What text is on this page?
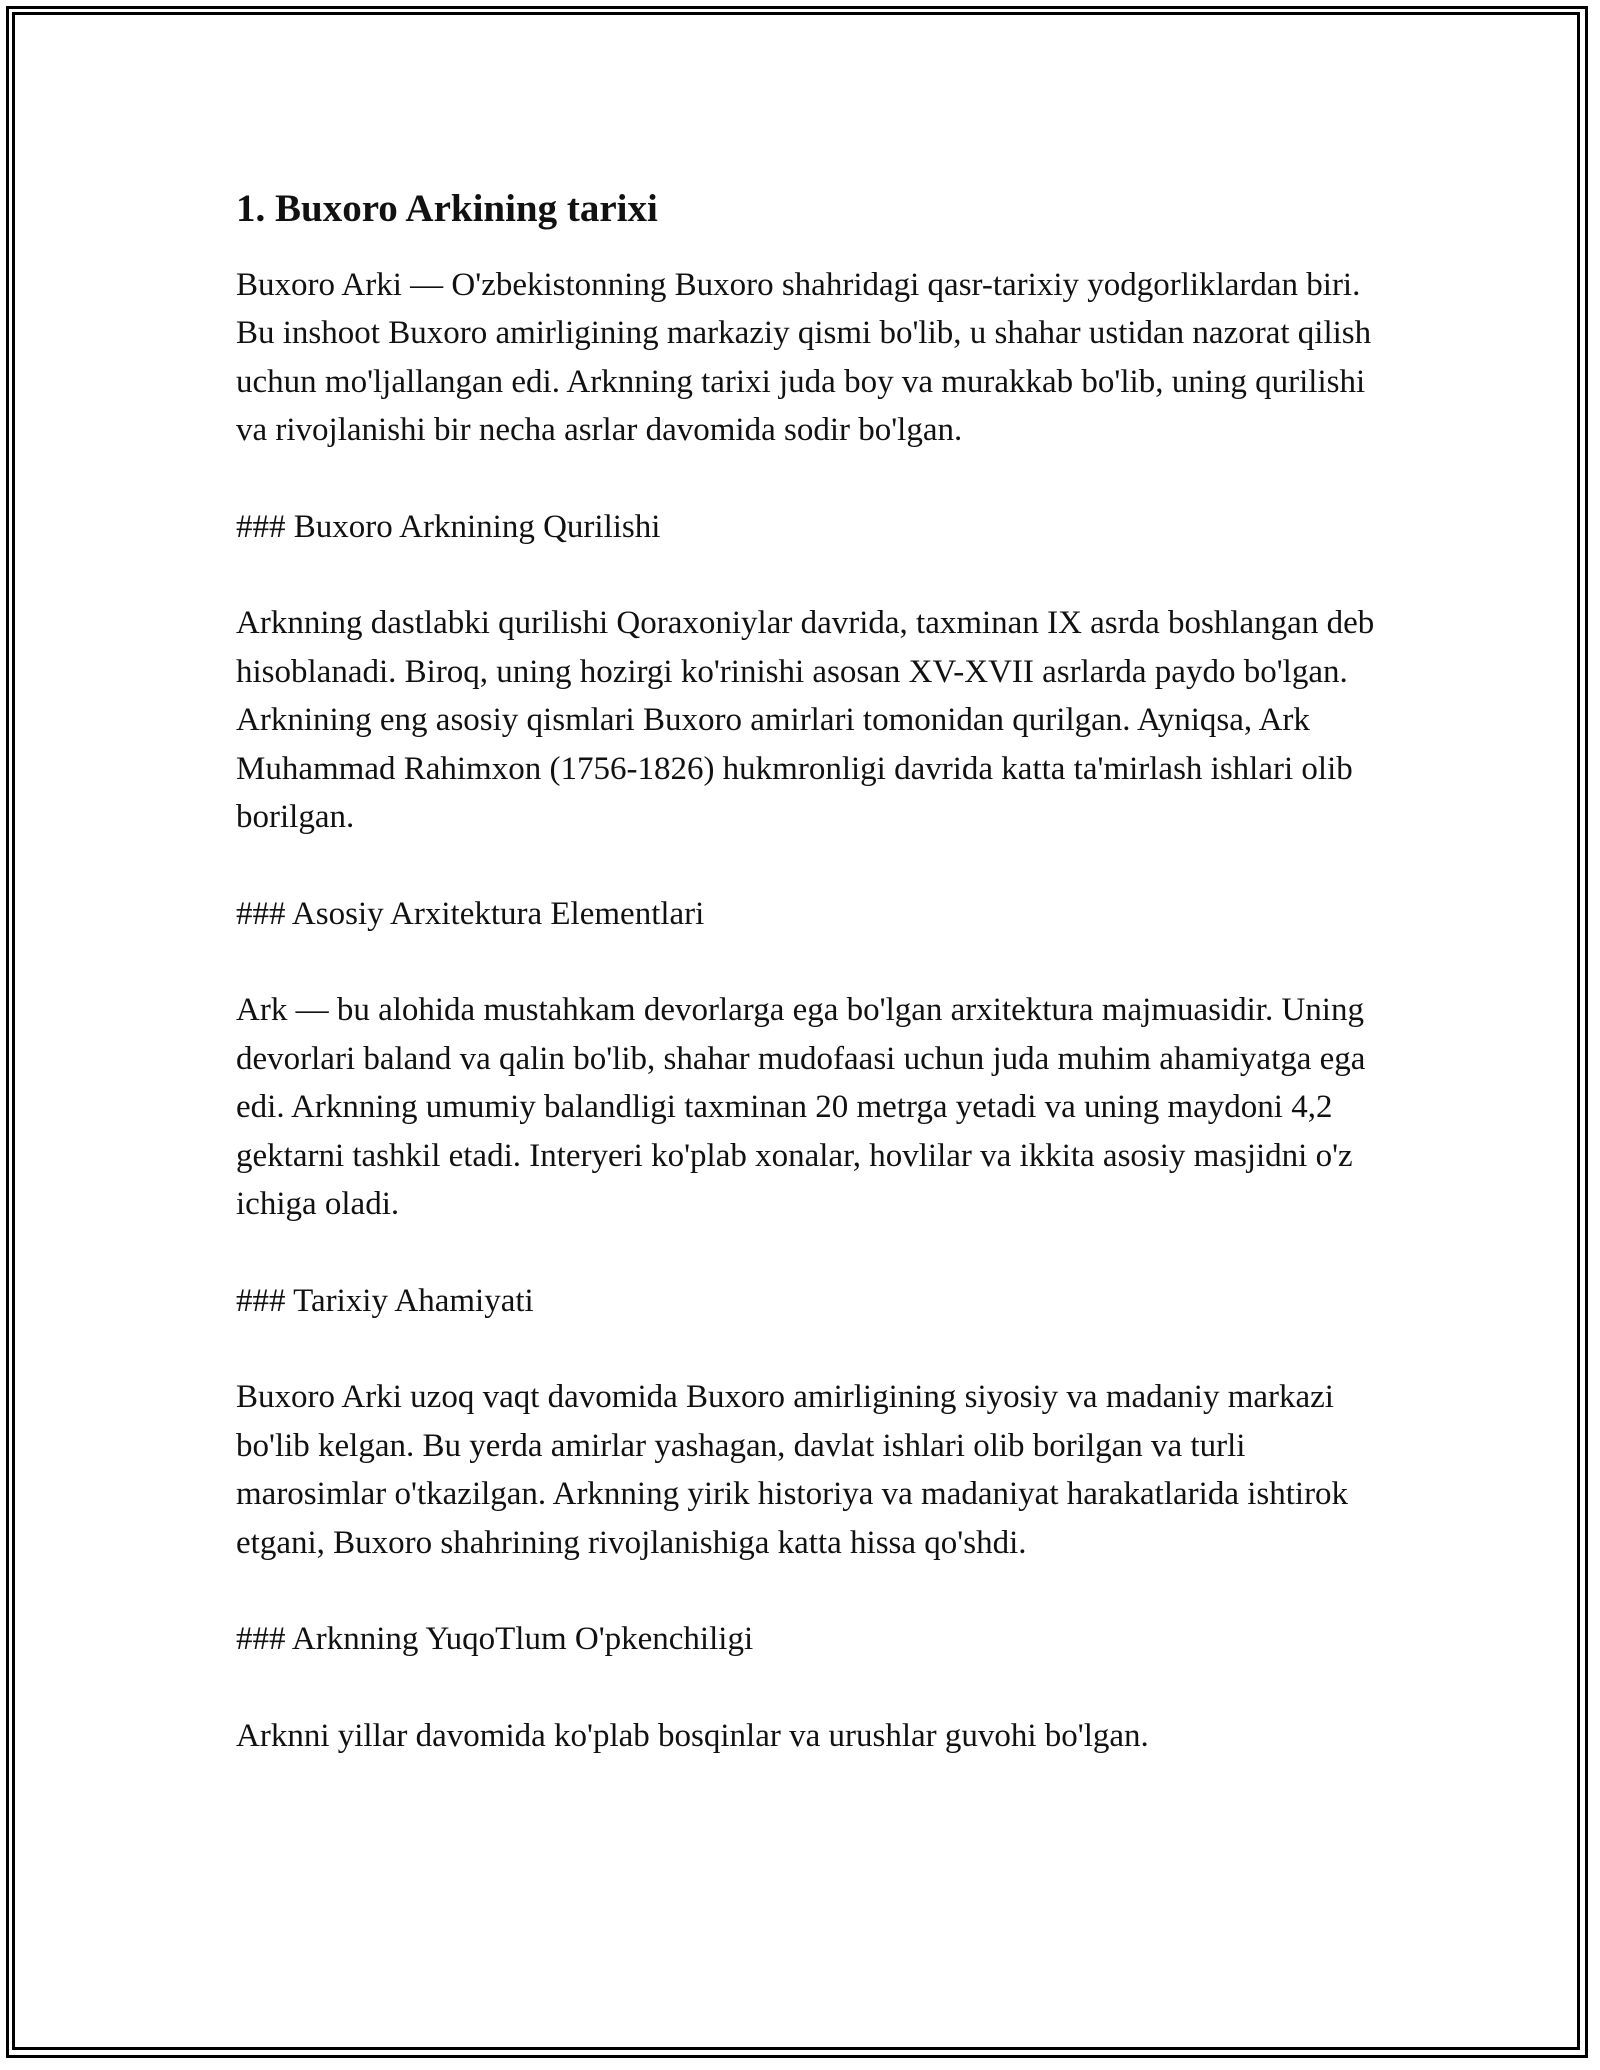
1. Buxoro Arkining tarixi

Buxoro Arki — O'zbekistonning Buxoro shahridagi qasr-tarixiy yodgorliklardan biri. Bu inshoot Buxoro amirligining markaziy qismi bo'lib, u shahar ustidan nazorat qilish uchun mo'ljallangan edi. Arknning tarixi juda boy va murakkab bo'lib, uning qurilishi va rivojlanishi bir necha asrlar davomida sodir bo'lgan.

### Buxoro Arknining Qurilishi

Arknning dastlabki qurilishi Qoraxoniylar davrida, taxminan IX asrda boshlangan deb hisoblanadi. Biroq, uning hozirgi ko'rinishi asosan XV-XVII asrlarda paydo bo'lgan. Arknining eng asosiy qismlari Buxoro amirlari tomonidan qurilgan. Ayniqsa, Ark Muhammad Rahimxon (1756-1826) hukmronligi davrida katta ta'mirlash ishlari olib borilgan.

### Asosiy Arxitektura Elementlari

Ark — bu alohida mustahkam devorlarga ega bo'lgan arxitektura majmuasidir. Uning devorlari baland va qalin bo'lib, shahar mudofaasi uchun juda muhim ahamiyatga ega edi. Arknning umumiy balandligi taxminan 20 metrga yetadi va uning maydoni 4,2 gektarni tashkil etadi. Interyeri ko'plab xonalar, hovlilar va ikkita asosiy masjidni o'z ichiga oladi.

### Tarixiy Ahamiyati

Buxoro Arki uzoq vaqt davomida Buxoro amirligining siyosiy va madaniy markazi bo'lib kelgan. Bu yerda amirlar yashagan, davlat ishlari olib borilgan va turli marosimlar o'tkazilgan. Arknning yirik historiya va madaniyat harakatlarida ishtirok etgani, Buxoro shahrining rivojlanishiga katta hissa qo'shdi.

### Arknning YuqoTlum O'pkenchiligi

Arknni yillar davomida ko'plab bosqinlar va urushlar guvohi bo'lgan.
